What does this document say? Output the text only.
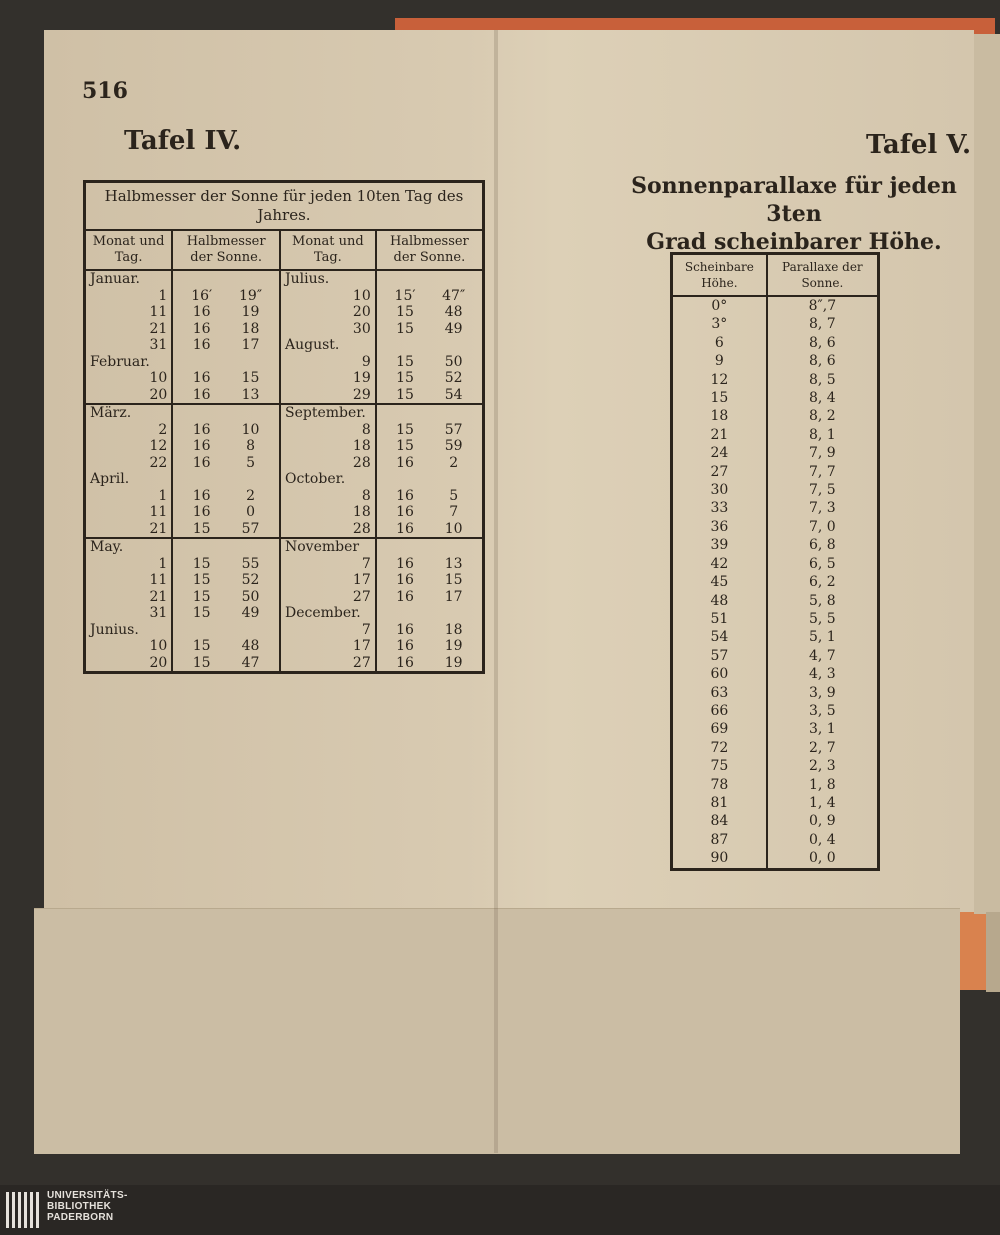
516
Tafel IV.	Tafel V.
Sonnenparallaxe für jeden 3ten
Grad scheinbarer Höhe.
Halbmesser der Sonne für jeden 10ten Tag des Jahres.			
Monat und Tag.	Halbmesser der Sonne.	Monat und Tag.	Halbmesser der Sonne.
Januar.		Julius.	

1	16′ 19″	10	15′ 47″

11	16 19	20	15 48

21	16 18	30	15 49

31	16 17	August.	

Februar.		9	15 50

10	16 15	19	15 52

20	16 13	29	15 54

März.		September.	

2	16 10	8	15 57

12	16 8	18	15 59

22	16 5	28	16 2

April.		October.	

1	16 2	8	16 5

11	16 0	18	16 7

21	15 57	28	16 10

May.		November	

1	15 55	7	16 13

11	15 52	17	16 15

21	15 50	27	16 17

31	15 49	December.	

Junius.		7	16 18

10	15 48	17	16 19

20	15 47	27	16 19
Scheinbare Höhe.	Parallaxe der Sonne.
0°	8″,7
3°	8, 7
6	8, 6
9	8, 6
12	8, 5
15	8, 4
18	8, 2
21	8, 1
24	7, 9
27	7, 7
30	7, 5
33	7, 3
36	7, 0
39	6, 8
42	6, 5
45	6, 2
48	5, 8
51	5, 5
54	5, 1
57	4, 7
60	4, 3
63	3, 9
66	3, 5
69	3, 1
72	2, 7
75	2, 3
78	1, 8
81	1, 4
84	0, 9
87	0, 4
90	0, 0
UNIVERSITÄTS-
BIBLIOTHEK
PADERBORN
